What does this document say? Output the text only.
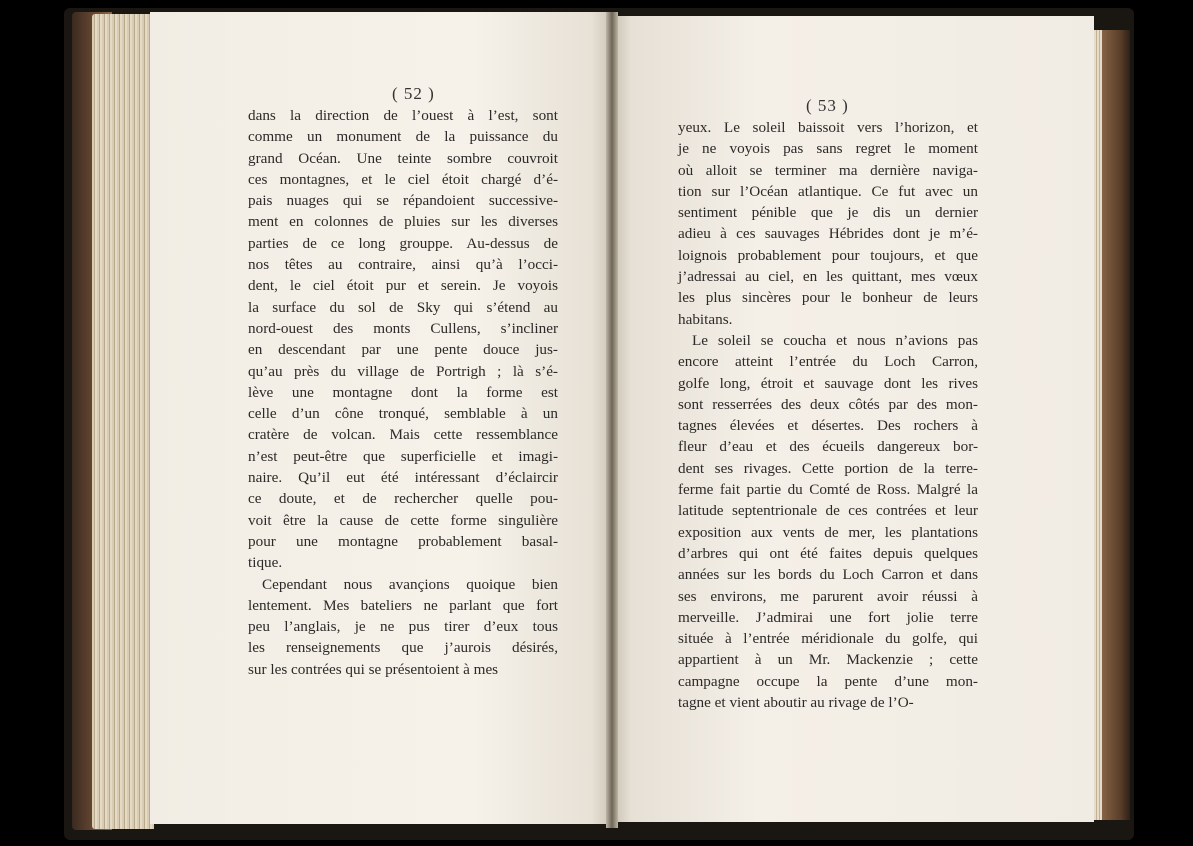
( 52 )
( 53 )
dans la direction de l’ouest à l’est, sont
comme un monument de la puissance du
grand Océan. Une teinte sombre couvroit
ces montagnes, et le ciel étoit chargé d’é-
pais nuages qui se répandoient successive-
ment en colonnes de pluies sur les diverses
parties de ce long grouppe. Au-dessus de
nos têtes au contraire, ainsi qu’à l’occi-
dent, le ciel étoit pur et serein. Je voyois
la surface du sol de Sky qui s’étend au
nord-ouest des monts Cullens, s’incliner
en descendant par une pente douce jus-
qu’au près du village de Portrigh ; là s’é-
lève une montagne dont la forme est
celle d’un cône tronqué, semblable à un
cratère de volcan. Mais cette ressemblance
n’est peut-être que superficielle et imagi-
naire. Qu’il eut été intéressant d’éclaircir
ce doute, et de rechercher quelle pou-
voit être la cause de cette forme singulière
pour une montagne probablement basal-
tique.
Cependant nous avançions quoique bien
lentement. Mes bateliers ne parlant que fort
peu l’anglais, je ne pus tirer d’eux tous
les renseignements que j’aurois désirés,
sur les contrées qui se présentoient à mes
yeux. Le soleil baissoit vers l’horizon, et
je ne voyois pas sans regret le moment
où alloit se terminer ma dernière naviga-
tion sur l’Océan atlantique. Ce fut avec un
sentiment pénible que je dis un dernier
adieu à ces sauvages Hébrides dont je m’é-
loignois probablement pour toujours, et que
j’adressai au ciel, en les quittant, mes vœux
les plus sincères pour le bonheur de leurs
habitans.
Le soleil se coucha et nous n’avions pas
encore atteint l’entrée du Loch Carron,
golfe long, étroit et sauvage dont les rives
sont resserrées des deux côtés par des mon-
tagnes élevées et désertes. Des rochers à
fleur d’eau et des écueils dangereux bor-
dent ses rivages. Cette portion de la terre-
ferme fait partie du Comté de Ross. Malgré la
latitude septentrionale de ces contrées et leur
exposition aux vents de mer, les plantations
d’arbres qui ont été faites depuis quelques
années sur les bords du Loch Carron et dans
ses environs, me parurent avoir réussi à
merveille. J’admirai une fort jolie terre
située à l’entrée méridionale du golfe, qui
appartient à un Mr. Mackenzie ; cette
campagne occupe la pente d’une mon-
tagne et vient aboutir au rivage de l’O-
